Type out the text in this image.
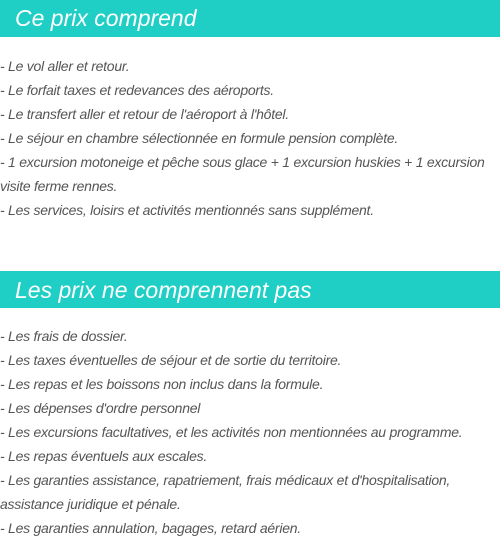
Ce prix comprend
- Le vol aller et retour.
- Le forfait taxes et redevances des aéroports.
- Le transfert aller et retour de l'aéroport à l'hôtel.
- Le séjour en chambre sélectionnée en formule pension complète.
- 1 excursion motoneige et pêche sous glace + 1 excursion huskies + 1 excursion visite ferme rennes.
- Les services, loisirs et activités mentionnés sans supplément.
Les prix ne comprennent pas
- Les frais de dossier.
- Les taxes éventuelles de séjour et de sortie du territoire.
- Les repas et les boissons non inclus dans la formule.
- Les dépenses d'ordre personnel
- Les excursions facultatives, et les activités non mentionnées au programme.
- Les repas éventuels aux escales.
- Les garanties assistance, rapatriement, frais médicaux et d'hospitalisation, assistance juridique et pénale.
- Les garanties annulation, bagages, retard aérien.
